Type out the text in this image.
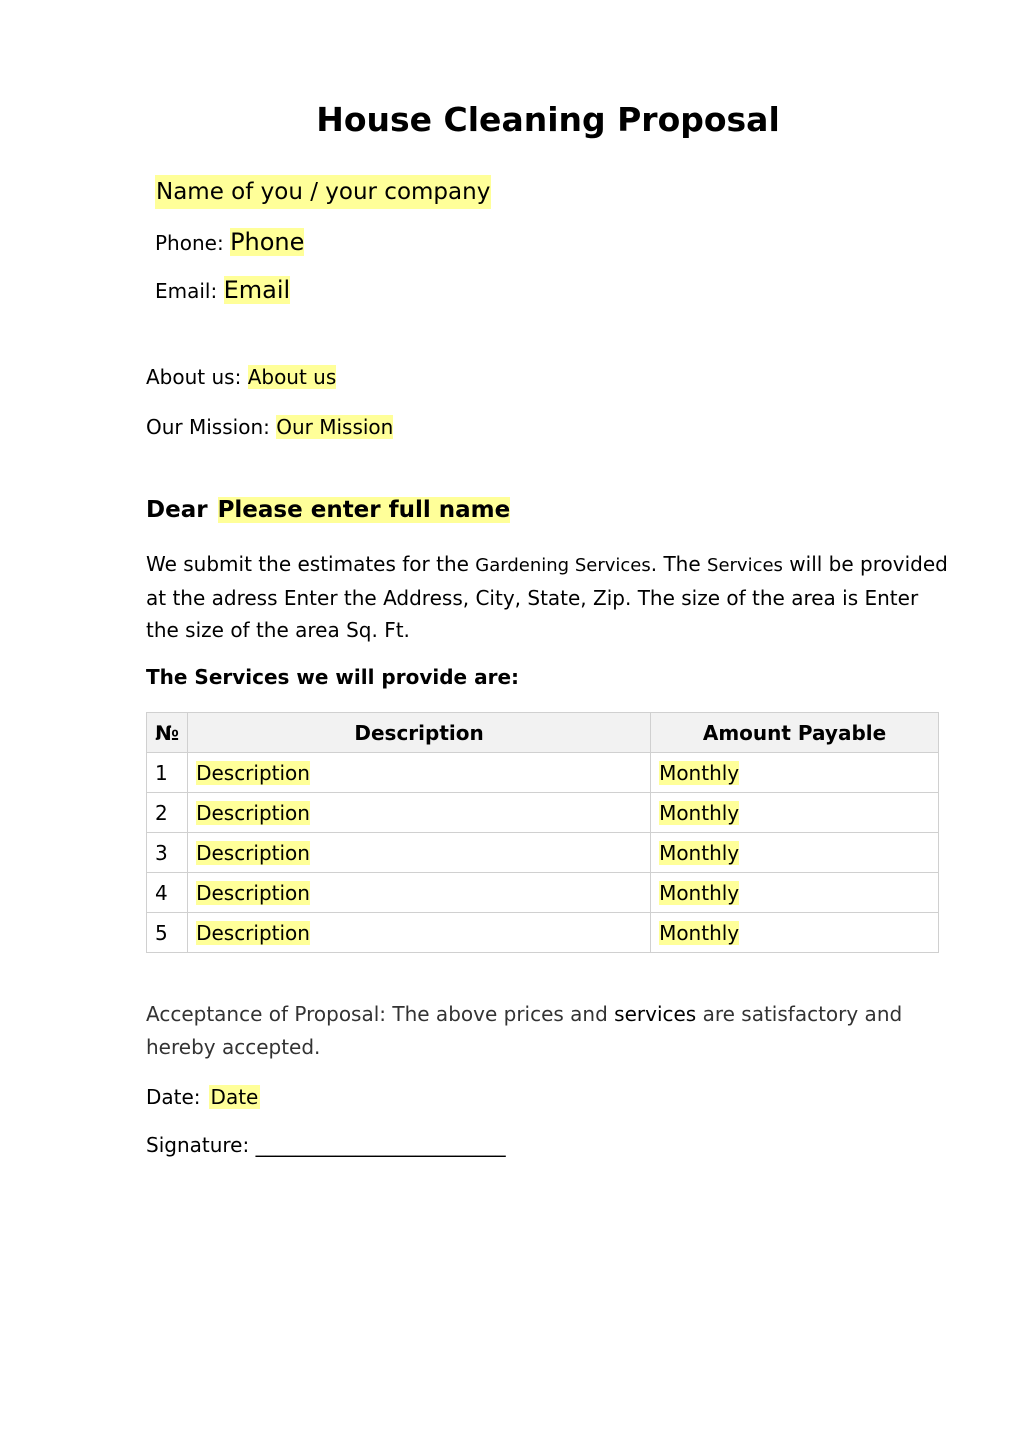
House Cleaning Proposal
Name of you / your company
Phone: Phone
Email: Email
About us: About us
Our Mission: Our Mission
Dear Please enter full name

We submit the estimates for the Gardening Services. The Services will be provided at the adress Enter the Address, City, State, Zip. The size of the area is Enter the size of the area Sq. Ft.

The Services we will provide are:
№	Description	Amount Payable
1	Description	Monthly
2	Description	Monthly
3	Description	Monthly
4	Description	Monthly
5	Description	Monthly

Acceptance of Proposal: The above prices and services are satisfactory and hereby accepted.

Date: Date
Signature: _________________________
